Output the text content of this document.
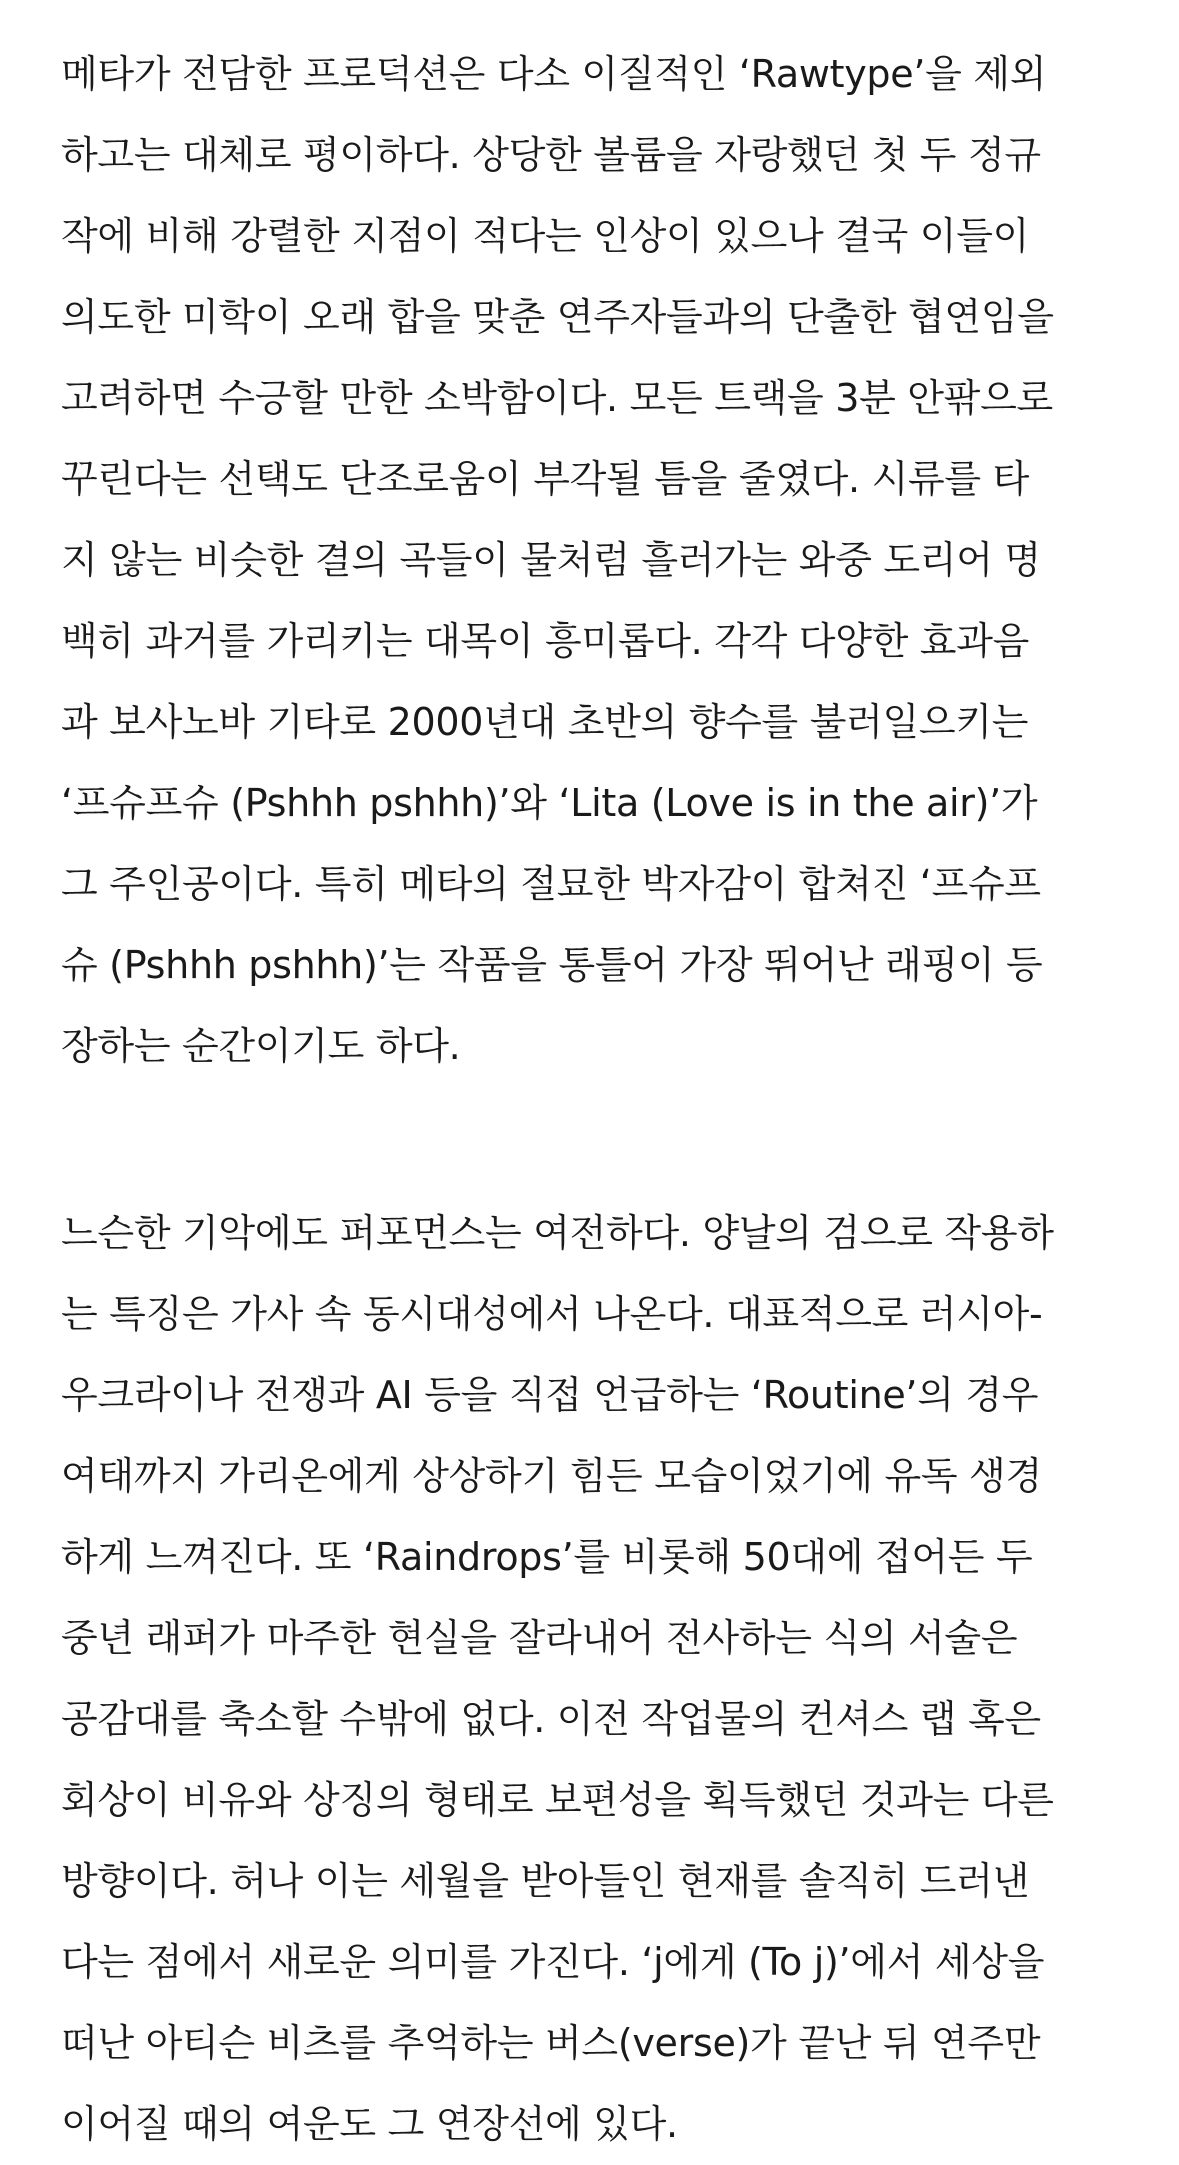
메타가 전담한 프로덕션은 다소 이질적인 ‘Rawtype’을 제외
하고는 대체로 평이하다. 상당한 볼륨을 자랑했던 첫 두 정규
작에 비해 강렬한 지점이 적다는 인상이 있으나 결국 이들이
의도한 미학이 오래 합을 맞춘 연주자들과의 단출한 협연임을
고려하면 수긍할 만한 소박함이다. 모든 트랙을 3분 안팎으로
꾸린다는 선택도 단조로움이 부각될 틈을 줄였다. 시류를 타
지 않는 비슷한 결의 곡들이 물처럼 흘러가는 와중 도리어 명
백히 과거를 가리키는 대목이 흥미롭다. 각각 다양한 효과음
과 보사노바 기타로 2000년대 초반의 향수를 불러일으키는
‘프슈프슈 (Pshhh pshhh)’와 ‘Lita (Love is in the air)’가
그 주인공이다. 특히 메타의 절묘한 박자감이 합쳐진 ‘프슈프
슈 (Pshhh pshhh)’는 작품을 통틀어 가장 뛰어난 래핑이 등
장하는 순간이기도 하다.
느슨한 기악에도 퍼포먼스는 여전하다. 양날의 검으로 작용하
는 특징은 가사 속 동시대성에서 나온다. 대표적으로 러시아-
우크라이나 전쟁과 AI 등을 직접 언급하는 ‘Routine’의 경우
여태까지 가리온에게 상상하기 힘든 모습이었기에 유독 생경
하게 느껴진다. 또 ‘Raindrops’를 비롯해 50대에 접어든 두
중년 래퍼가 마주한 현실을 잘라내어 전사하는 식의 서술은
공감대를 축소할 수밖에 없다. 이전 작업물의 컨셔스 랩 혹은
회상이 비유와 상징의 형태로 보편성을 획득했던 것과는 다른
방향이다. 허나 이는 세월을 받아들인 현재를 솔직히 드러낸
다는 점에서 새로운 의미를 가진다. ‘j에게 (To j)’에서 세상을
떠난 아티슨 비츠를 추억하는 버스(verse)가 끝난 뒤 연주만
이어질 때의 여운도 그 연장선에 있다.
